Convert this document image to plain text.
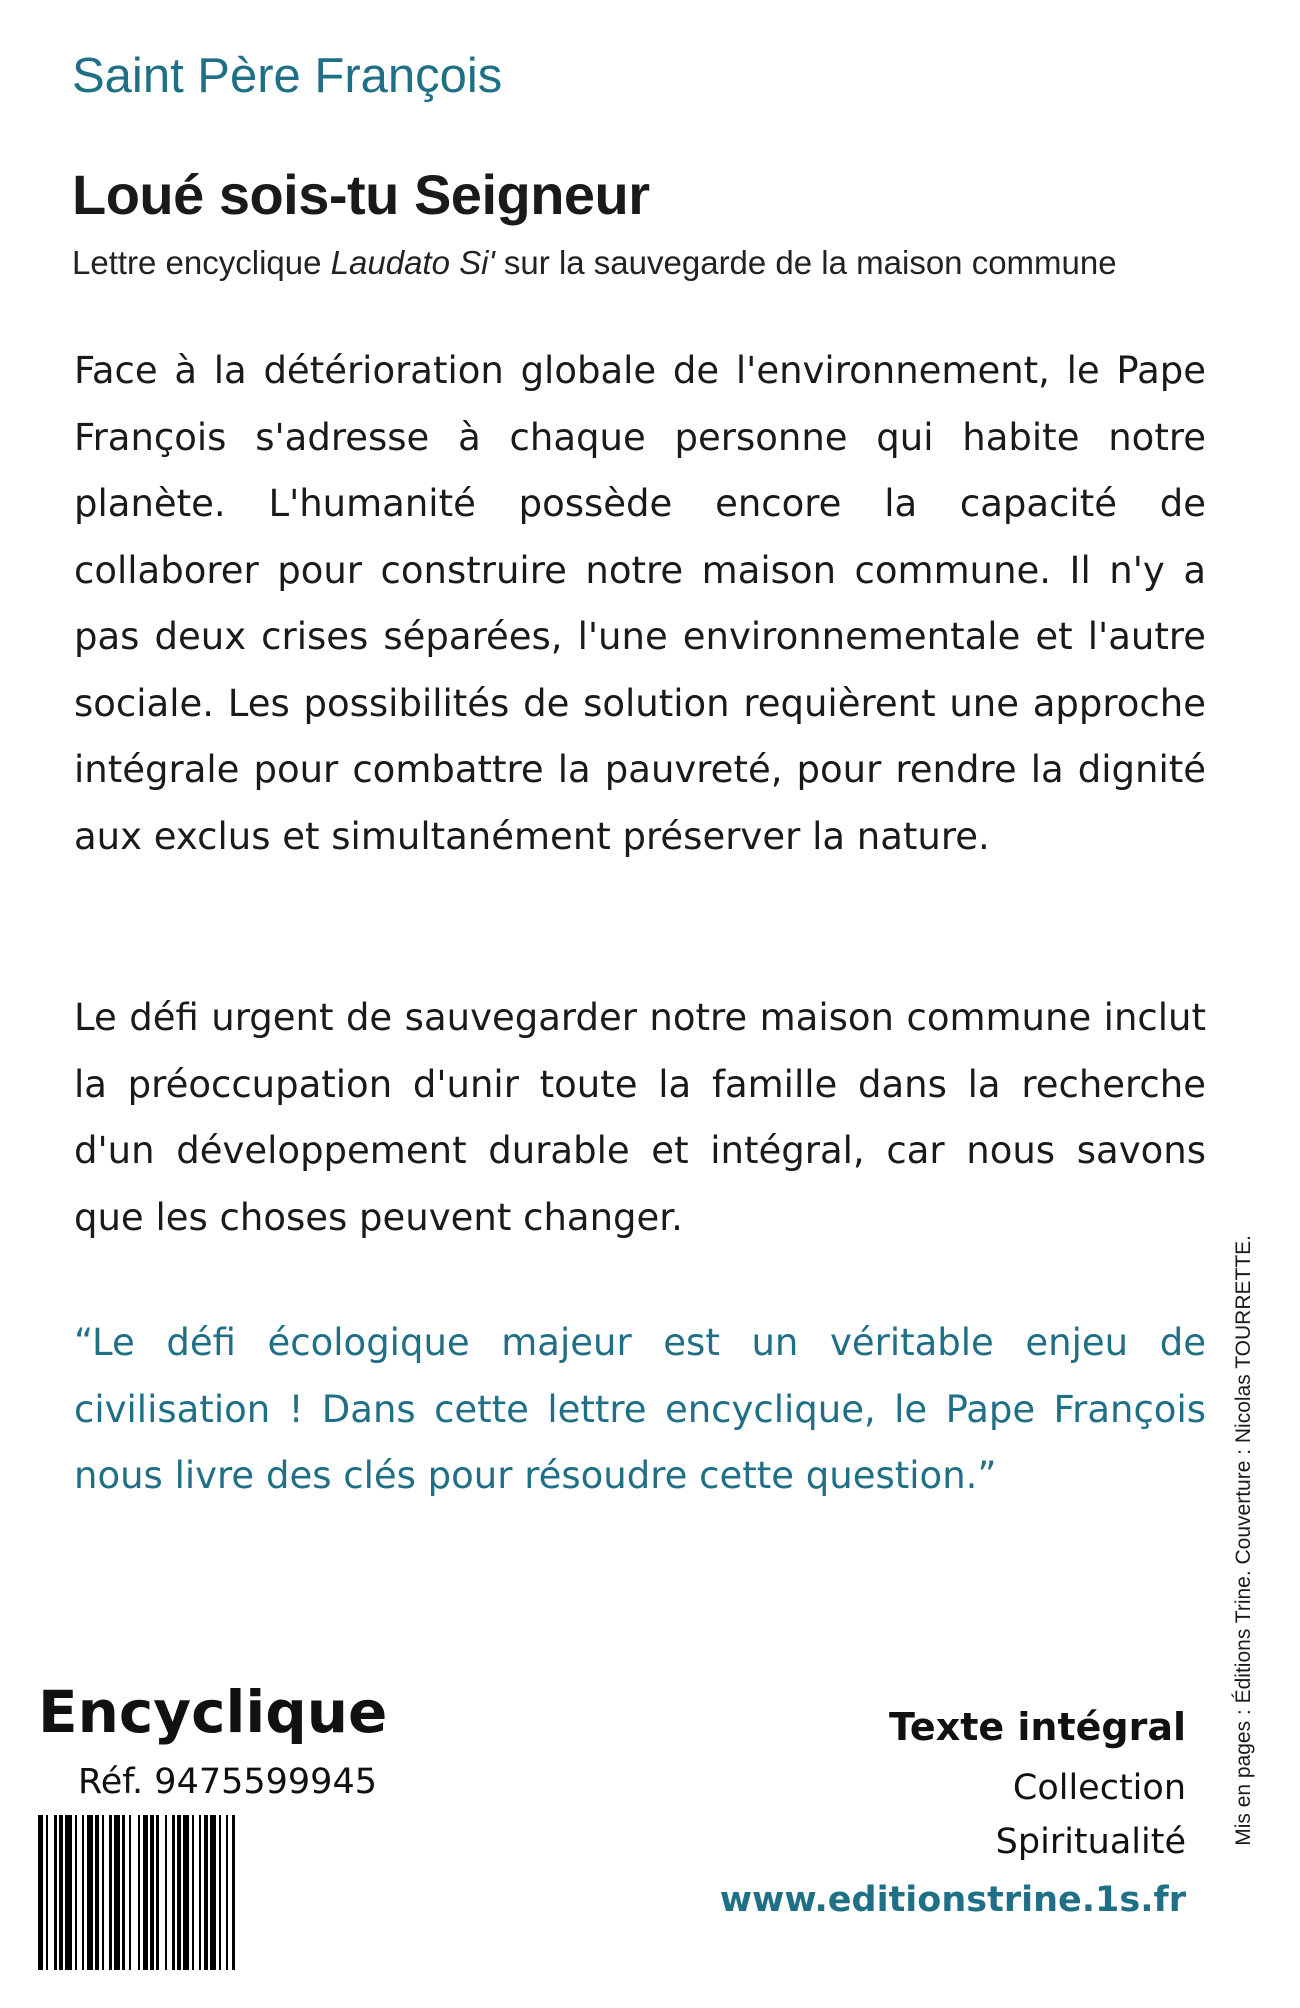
Saint Père François
Loué sois-tu Seigneur
Lettre encyclique Laudato Si' sur la sauvegarde de la maison commune

Face à la détérioration globale de l'environnement, le Pape François s'adresse à chaque personne qui habite notre planète. L'humanité possède encore la capacité de collaborer pour construire notre maison commune. Il n'y a pas deux crises séparées, l'une environnementale et l'autre sociale. Les possibilités de solution requièrent une approche intégrale pour combattre la pauvreté, pour rendre la dignité aux exclus et simultanément préserver la nature.

Le défi urgent de sauvegarder notre maison commune inclut la préoccupation d'unir toute la famille dans la recherche d'un développement durable et intégral, car nous savons que les choses peuvent changer.

“Le défi écologique majeur est un véritable enjeu de civilisation ! Dans cette lettre encyclique, le Pape François nous livre des clés pour résoudre cette question.”	Mis en pages : Éditions Trine. Couverture : Nicolas TOURRETTE.
Encyclique
Réf. 9475599945
Texte intégral
Collection
Spiritualité
www.editionstrine.1s.fr
